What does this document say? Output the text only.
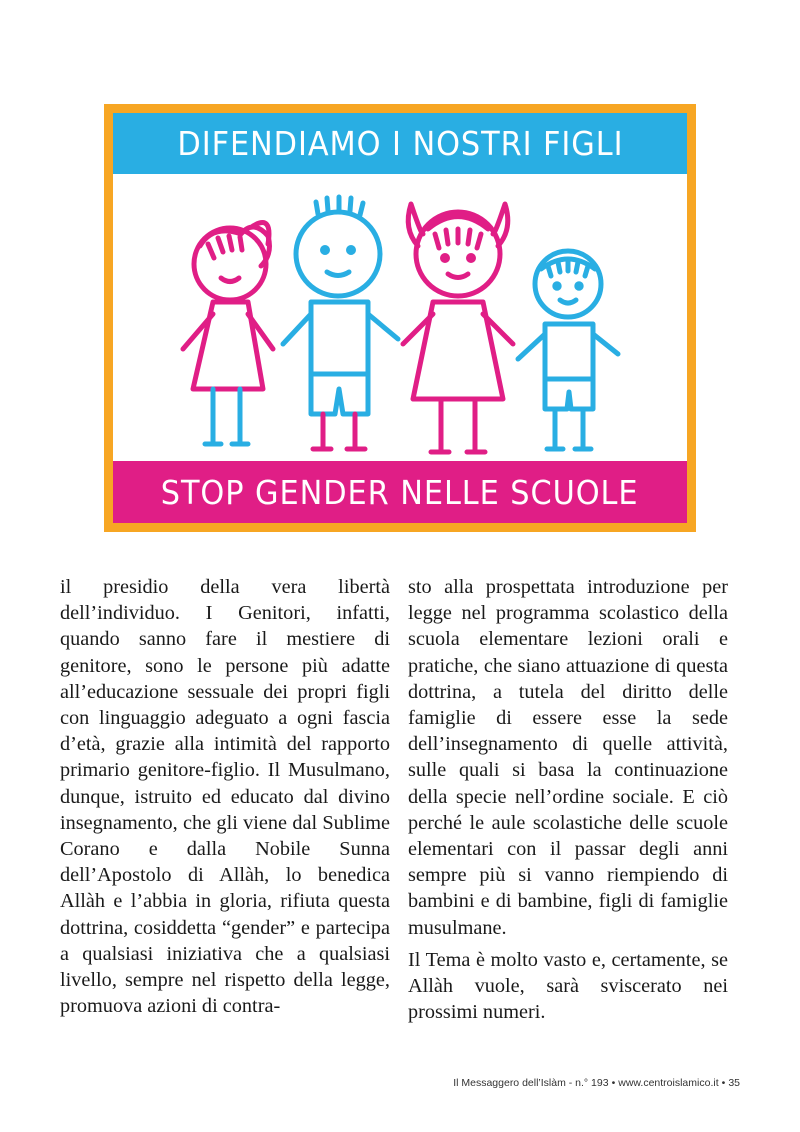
DIFENDIAMO I NOSTRI FIGLI
STOP GENDER NELLE SCUOLE

il presidio della vera libertà dell’individuo. I Genitori, infatti, quando sanno fare il mestiere di genitore, sono le persone più adatte all’educazione sessuale dei propri figli con linguaggio adeguato a ogni fascia d’età, grazie alla intimità del rapporto primario genitore-figlio. Il Musulmano, dunque, istruito ed educato dal divino insegnamento, che gli viene dal Sublime Corano e dalla Nobile Sunna dell’Apostolo di Allàh, lo benedica Allàh e l’abbia in gloria, rifiuta questa dottrina, cosiddetta “gender” e partecipa a qualsiasi iniziativa che a qualsiasi livello, sempre nel rispetto della legge, promuova azioni di contra-

sto alla prospettata introduzione per legge nel programma scolastico della scuola elementare lezioni orali e pratiche, che siano attuazione di questa dottrina, a tutela del diritto delle famiglie di essere esse la sede dell’insegnamento di quelle attività, sulle quali si basa la continuazione della specie nell’ordine sociale. E ciò perché le aule scolastiche delle scuole elementari con il passar degli anni sempre più si vanno riempiendo di bambini e di bambine, figli di famiglie musulmane.

Il Tema è molto vasto e, certamente, se Allàh vuole, sarà sviscerato nei prossimi numeri.

Il Messaggero dell’Islàm - n.° 193 • www.centroislamico.it • 35
